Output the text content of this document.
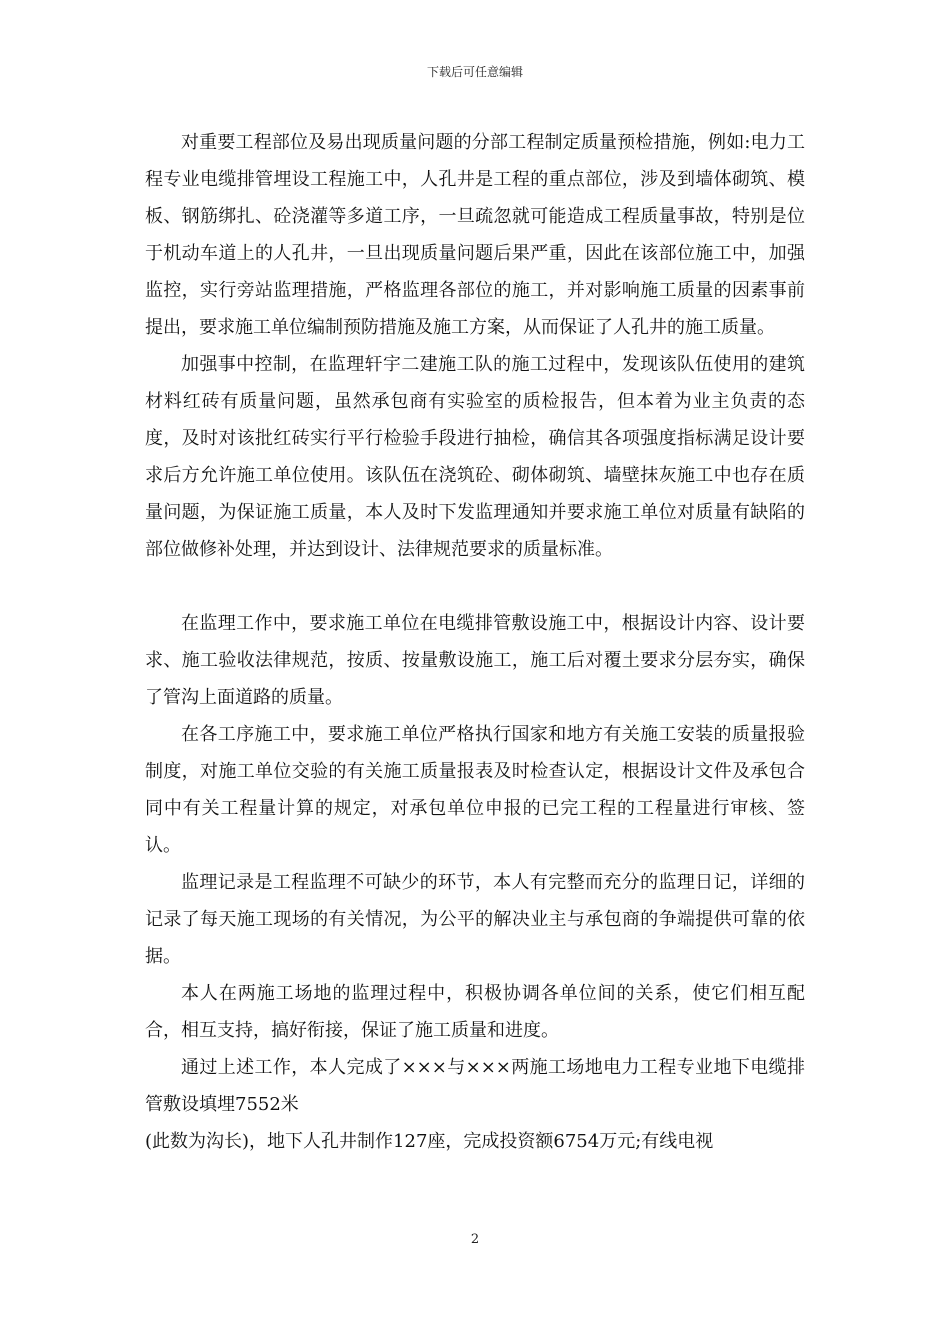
下载后可任意编辑

对重要工程部位及易出现质量问题的分部工程制定质量预检措施，例如:电力工程专业电缆排管埋设工程施工中，人孔井是工程的重点部位，涉及到墙体砌筑、模板、钢筋绑扎、砼浇灌等多道工序，一旦疏忽就可能造成工程质量事故，特别是位于机动车道上的人孔井，一旦出现质量问题后果严重，因此在该部位施工中，加强监控，实行旁站监理措施，严格监理各部位的施工，并对影响施工质量的因素事前提出，要求施工单位编制预防措施及施工方案，从而保证了人孔井的施工质量。

加强事中控制，在监理轩宇二建施工队的施工过程中，发现该队伍使用的建筑材料红砖有质量问题，虽然承包商有实验室的质检报告，但本着为业主负责的态度，及时对该批红砖实行平行检验手段进行抽检，确信其各项强度指标满足设计要求后方允许施工单位使用。该队伍在浇筑砼、砌体砌筑、墙壁抹灰施工中也存在质量问题，为保证施工质量，本人及时下发监理通知并要求施工单位对质量有缺陷的部位做修补处理，并达到设计、法律规范要求的质量标准。

在监理工作中，要求施工单位在电缆排管敷设施工中，根据设计内容、设计要求、施工验收法律规范，按质、按量敷设施工，施工后对覆土要求分层夯实，确保了管沟上面道路的质量。

在各工序施工中，要求施工单位严格执行国家和地方有关施工安装的质量报验制度，对施工单位交验的有关施工质量报表及时检查认定，根据设计文件及承包合同中有关工程量计算的规定，对承包单位申报的已完工程的工程量进行审核、签认。

监理记录是工程监理不可缺少的环节，本人有完整而充分的监理日记，详细的记录了每天施工现场的有关情况，为公平的解决业主与承包商的争端提供可靠的依据。

本人在两施工场地的监理过程中，积极协调各单位间的关系，使它们相互配合，相互支持，搞好衔接，保证了施工质量和进度。

通过上述工作，本人完成了×××与×××两施工场地电力工程专业地下电缆排管敷设填埋7552米

(此数为沟长)，地下人孔井制作127座，完成投资额6754万元;有线电视

2
